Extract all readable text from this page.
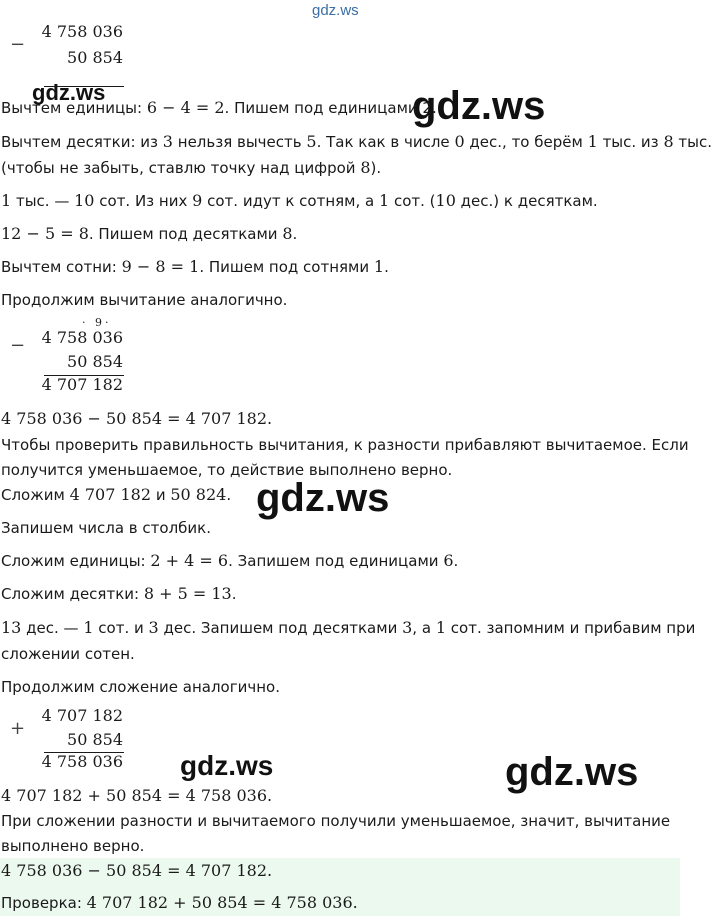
gdz.ws
gdz.ws	gdz.ws
gdz.ws
gdz.ws	gdz.ws
−
4 758 036
50 854
Вычтем единицы: 6 − 4 = 2. Пишем под единицами 2.
Вычтем десятки: из 3 нельзя вычесть 5. Так как в числе 0 дес., то берём 1 тыс. из 8 тыс.
(чтобы не забыть, ставлю точку над цифрой 8).
1 тыс. — 10 сот. Из них 9 сот. идут к сотням, а 1 сот. (10 дес.) к десяткам.
12 − 5 = 8. Пишем под десятками 8.
Вычтем сотни: 9 − 8 = 1. Пишем под сотнями 1.
Продолжим вычитание аналогично.
· 9 ·
−	4 758 036
50 854
4 707 182
4 758 036 − 50 854 = 4 707 182.
Чтобы проверить правильность вычитания, к разности прибавляют вычитаемое. Если
получится уменьшаемое, то действие выполнено верно.
Сложим 4 707 182 и 50 824.
Запишем числа в столбик.
Сложим единицы: 2 + 4 = 6. Запишем под единицами 6.
Сложим десятки: 8 + 5 = 13.
13 дес. — 1 сот. и 3 дес. Запишем под десятками 3, а 1 сот. запомним и прибавим при
сложении сотен.
Продолжим сложение аналогично.
+
4 707 182
50 854
4 758 036
4 707 182 + 50 854 = 4 758 036.
При сложении разности и вычитаемого получили уменьшаемое, значит, вычитание
выполнено верно.
4 758 036 − 50 854 = 4 707 182.
Проверка: 4 707 182 + 50 854 = 4 758 036.
